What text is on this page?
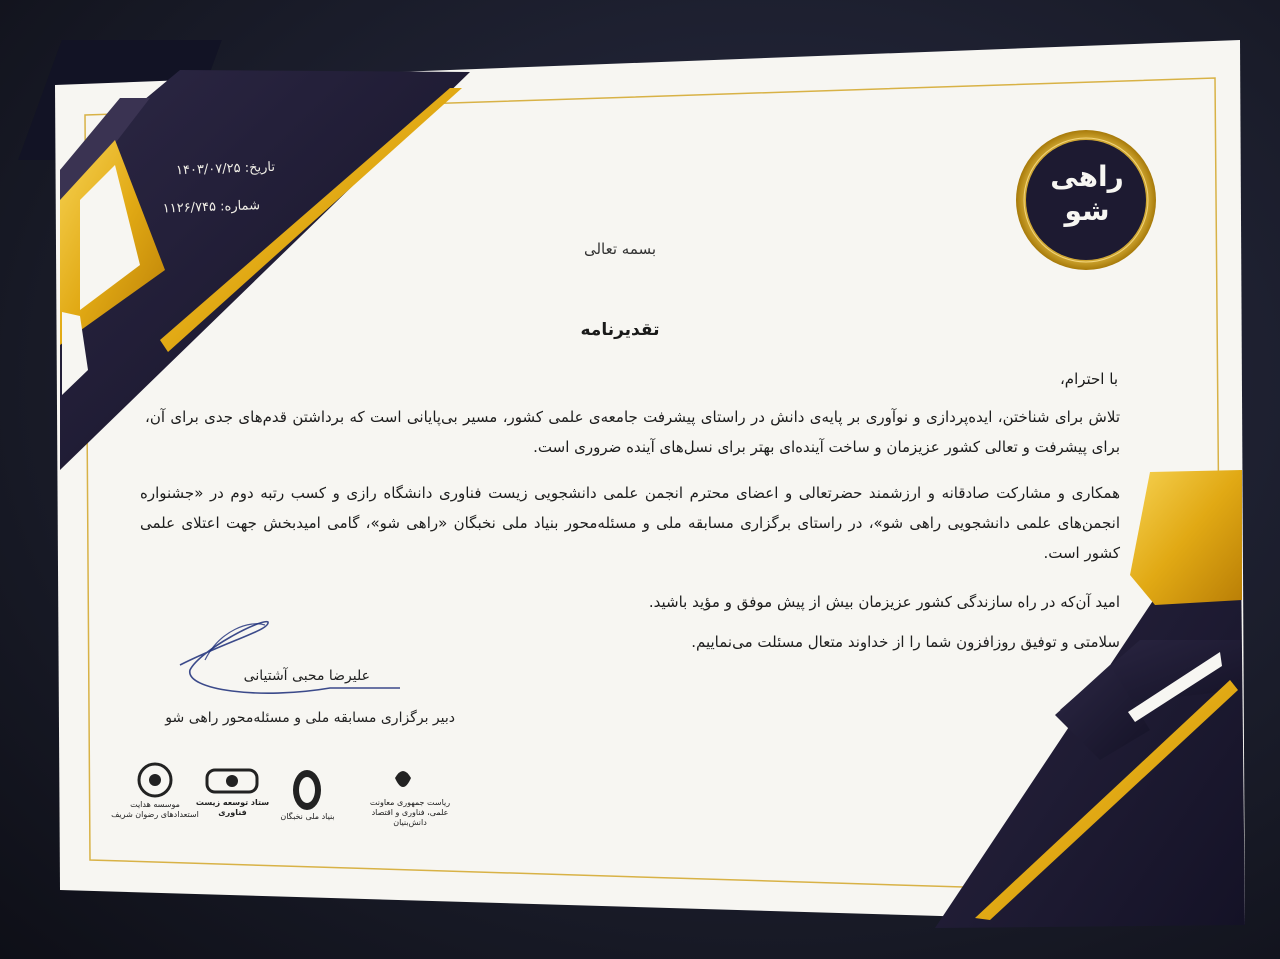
راهی
شو
تاریخ: ۱۴۰۳/۰۷/۲۵
شماره: ۱۱۲۶/۷۴۵
بسمه تعالی
تقدیرنامه
با احترام،
تلاش برای شناختن، ایده‌پردازی و نوآوری بر پایه‌ی دانش در راستای پیشرفت جامعه‌ی علمی کشور، مسیر بی‌پایانی است که برداشتن قدم‌های جدی برای آن، برای پیشرفت و تعالی کشور عزیزمان و ساخت آینده‌ای بهتر برای نسل‌های آینده ضروری است.
همکاری و مشارکت صادقانه و ارزشمند حضرتعالی و اعضای محترم انجمن علمی دانشجویی زیست فناوری دانشگاه رازی و کسب رتبه دوم در «جشنواره انجمن‌های علمی دانشجویی راهی شو»، در راستای برگزاری مسابقه ملی و مسئله‌محور بنیاد ملی نخبگان «راهی شو»، گامی امیدبخش جهت اعتلای علمی کشور است.
امید آن‌که در راه سازندگی کشور عزیزمان بیش از پیش موفق و مؤید باشید.
سلامتی و توفیق روزافزون شما را از خداوند متعال مسئلت می‌نماییم.
علیرضا محبی آشتیانی
دبیر برگزاری مسابقه ملی و مسئله‌محور راهی شو
ریاست جمهوری معاونت علمی، فناوری و اقتصاد دانش‌بنیان
بنیاد ملی نخبگان
ستاد توسعه زیست فناوری
موسسه هدایت استعدادهای رضوان شریف
